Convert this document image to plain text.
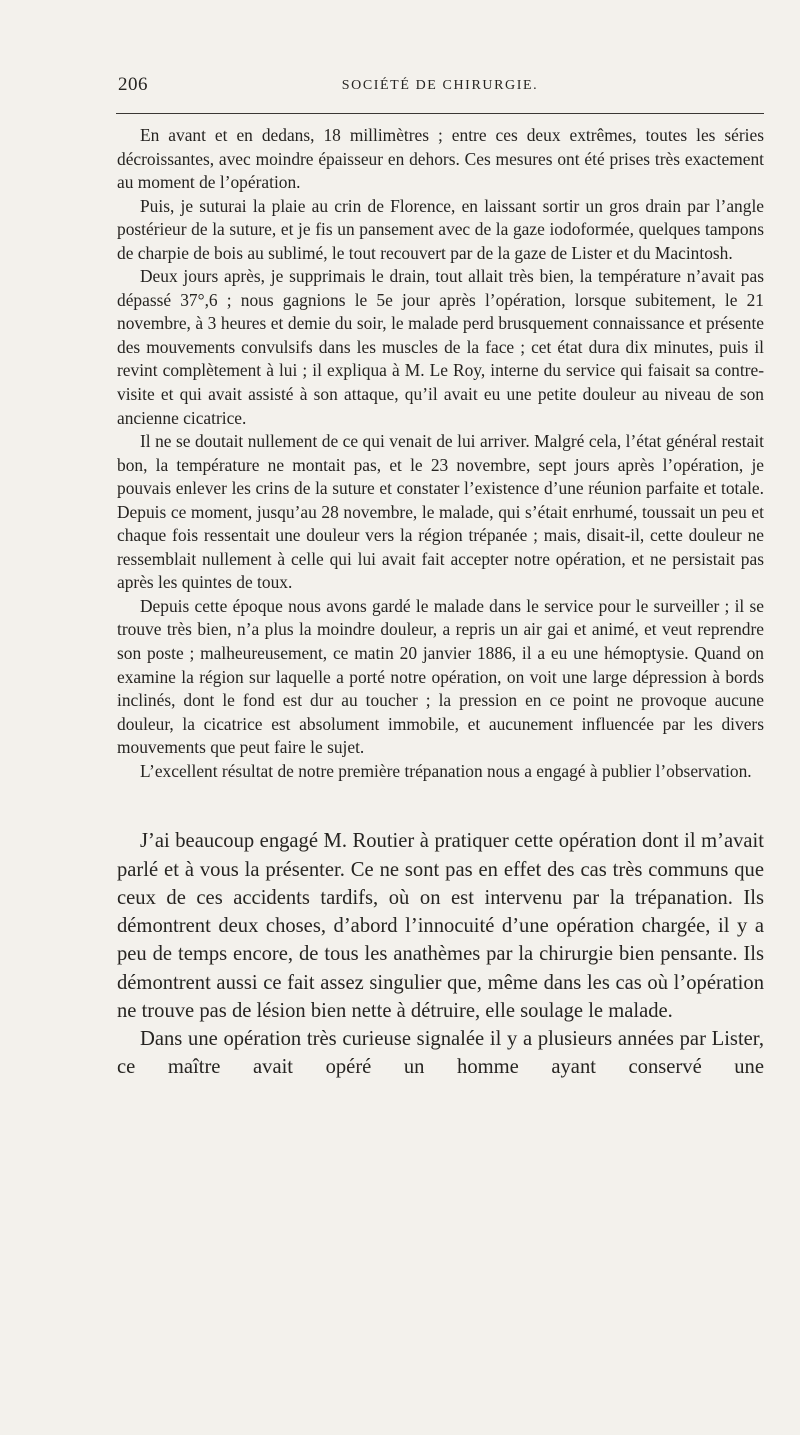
206	SOCIÉTÉ DE CHIRURGIE.

En avant et en dedans, 18 millimètres ; entre ces deux extrêmes, toutes les séries décroissantes, avec moindre épaisseur en dehors. Ces mesures ont été prises très exactement au moment de l’opération.

Puis, je suturai la plaie au crin de Florence, en laissant sortir un gros drain par l’angle postérieur de la suture, et je fis un pansement avec de la gaze iodoformée, quelques tampons de charpie de bois au sublimé, le tout recouvert par de la gaze de Lister et du Macintosh.

Deux jours après, je supprimais le drain, tout allait très bien, la température n’avait pas dépassé 37°,6 ; nous gagnions le 5e jour après l’opération, lorsque subitement, le 21 novembre, à 3 heures et demie du soir, le malade perd brusquement connaissance et présente des mouvements convulsifs dans les muscles de la face ; cet état dura dix minutes, puis il revint complètement à lui ; il expliqua à M. Le Roy, interne du service qui faisait sa contre-visite et qui avait assisté à son attaque, qu’il avait eu une petite douleur au niveau de son ancienne cicatrice.

Il ne se doutait nullement de ce qui venait de lui arriver. Malgré cela, l’état général restait bon, la température ne montait pas, et le 23 novembre, sept jours après l’opération, je pouvais enlever les crins de la suture et constater l’existence d’une réunion parfaite et totale. Depuis ce moment, jusqu’au 28 novembre, le malade, qui s’était enrhumé, toussait un peu et chaque fois ressentait une douleur vers la région trépanée ; mais, disait-il, cette douleur ne ressemblait nullement à celle qui lui avait fait accepter notre opération, et ne persistait pas après les quintes de toux.

Depuis cette époque nous avons gardé le malade dans le service pour le surveiller ; il se trouve très bien, n’a plus la moindre douleur, a repris un air gai et animé, et veut reprendre son poste ; malheureusement, ce matin 20 janvier 1886, il a eu une hémoptysie. Quand on examine la région sur laquelle a porté notre opération, on voit une large dépression à bords inclinés, dont le fond est dur au toucher ; la pression en ce point ne provoque aucune douleur, la cicatrice est absolument immobile, et aucunement influencée par les divers mouvements que peut faire le sujet.

L’excellent résultat de notre première trépanation nous a engagé à publier l’observation.

J’ai beaucoup engagé M. Routier à pratiquer cette opération dont il m’avait parlé et à vous la présenter. Ce ne sont pas en effet des cas très communs que ceux de ces accidents tardifs, où on est intervenu par la trépanation. Ils démontrent deux choses, d’abord l’innocuité d’une opération chargée, il y a peu de temps encore, de tous les anathèmes par la chirurgie bien pensante. Ils démontrent aussi ce fait assez singulier que, même dans les cas où l’opération ne trouve pas de lésion bien nette à détruire, elle soulage le malade.

Dans une opération très curieuse signalée il y a plusieurs années par Lister, ce maître avait opéré un homme ayant conservé une
